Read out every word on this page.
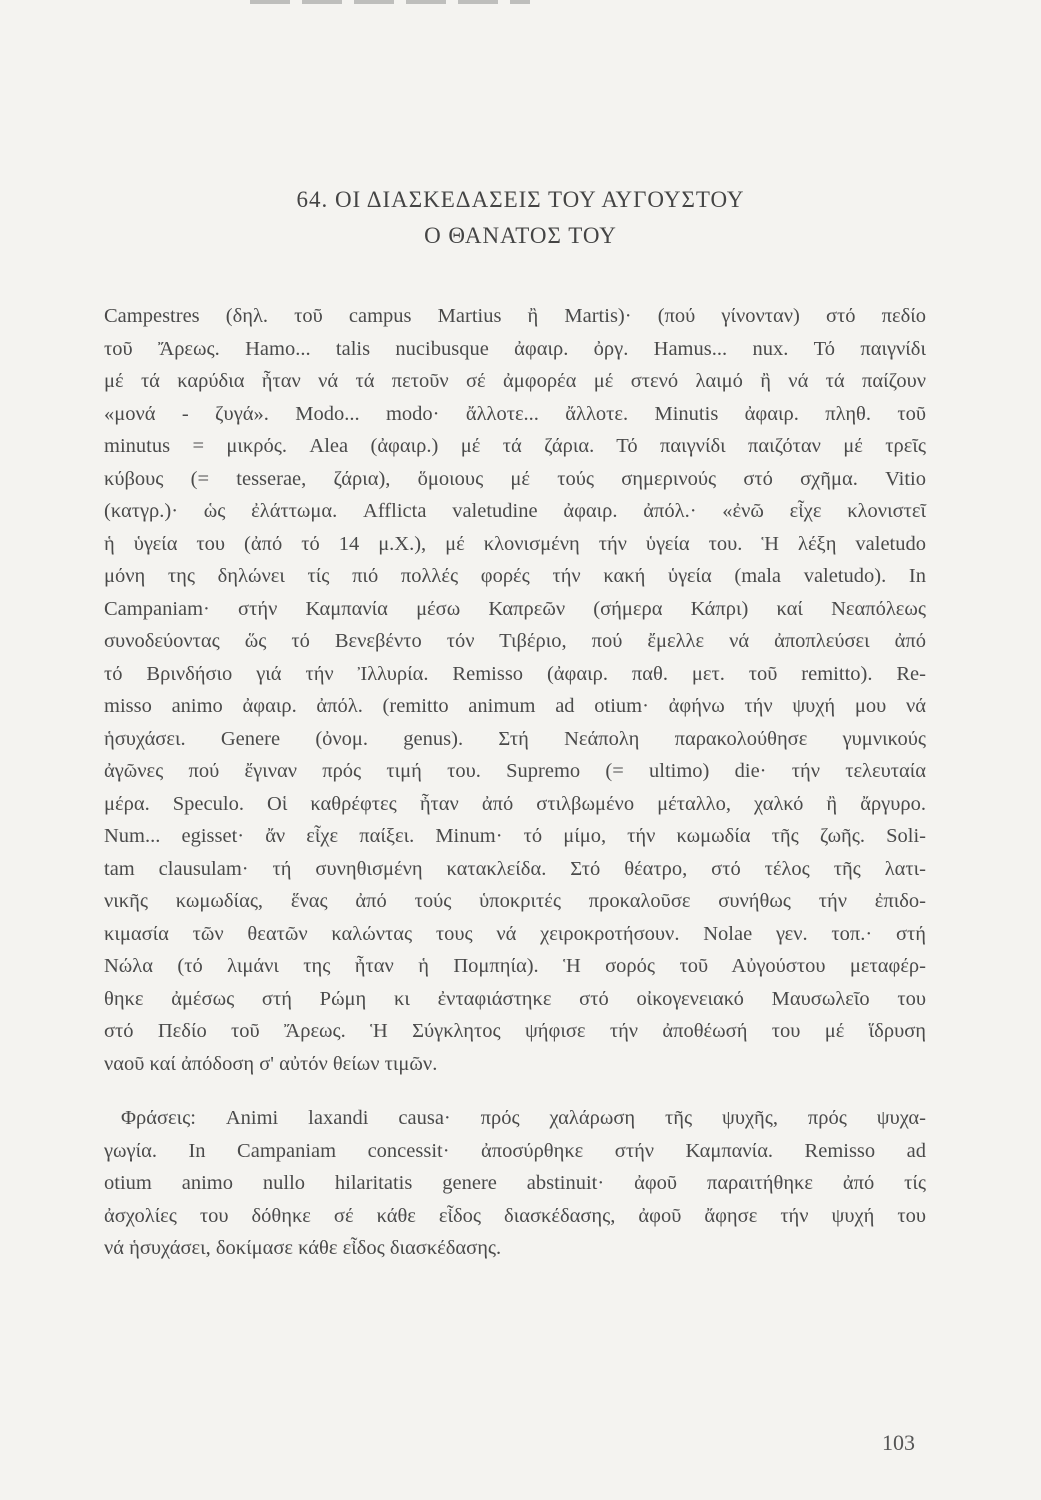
64. ΟΙ ΔΙΑΣΚΕΔΑΣΕΙΣ ΤΟΥ ΑΥΓΟΥΣΤΟΥ
Ο ΘΑΝΑΤΟΣ ΤΟΥ
Campestres (δηλ. τοῦ campus Martius ἢ Martis)· (πού γίνονταν) στό πεδίο
τοῦ Ἄρεως. Hamo... talis nucibusque ἀφαιρ. ὀργ. Hamus... nux. Τό παιγνίδι
μέ τά καρύδια ἦταν νά τά πετοῦν σέ ἀμφορέα μέ στενό λαιμό ἢ νά τά παίζουν
«μονά - ζυγά». Modo... modo· ἄλλοτε... ἄλλοτε. Minutis ἀφαιρ. πληθ. τοῦ
minutus = μικρός. Alea (ἀφαιρ.) μέ τά ζάρια. Τό παιγνίδι παιζόταν μέ τρεῖς
κύβους (= tesserae, ζάρια), ὅμοιους μέ τούς σημερινούς στό σχῆμα. Vitio
(κατγρ.)· ὡς ἐλάττωμα. Afflicta valetudine ἀφαιρ. ἀπόλ.· «ἐνῶ εἶχε κλονιστεῖ
ἡ ὑγεία του (ἀπό τό 14 μ.Χ.), μέ κλονισμένη τήν ὑγεία του. Ἡ λέξη valetudo
μόνη της δηλώνει τίς πιό πολλές φορές τήν κακή ὑγεία (mala valetudo). In
Campaniam· στήν Καμπανία μέσω Καπρεῶν (σήμερα Κάπρι) καί Νεαπόλεως
συνοδεύοντας ὥς τό Βενεβέντο τόν Τιβέριο, πού ἔμελλε νά ἀποπλεύσει ἀπό
τό Βρινδήσιο γιά τήν Ἰλλυρία. Remisso (ἀφαιρ. παθ. μετ. τοῦ remitto). Re-
misso animo ἀφαιρ. ἀπόλ. (remitto animum ad otium· ἀφήνω τήν ψυχή μου νά
ἡσυχάσει. Genere (ὀνομ. genus). Στή Νεάπολη παρακολούθησε γυμνικούς
ἀγῶνες πού ἔγιναν πρός τιμή του. Supremo (= ultimo) die· τήν τελευταία
μέρα. Speculo. Οἱ καθρέφτες ἦταν ἀπό στιλβωμένο μέταλλο, χαλκό ἢ ἄργυρο.
Num... egisset· ἄν εἶχε παίξει. Minum· τό μίμο, τήν κωμωδία τῆς ζωῆς. Soli-
tam clausulam· τή συνηθισμένη κατακλείδα. Στό θέατρο, στό τέλος τῆς λατι-
νικῆς κωμωδίας, ἕνας ἀπό τούς ὑποκριτές προκαλοῦσε συνήθως τήν ἐπιδο-
κιμασία τῶν θεατῶν καλώντας τους νά χειροκροτήσουν. Nolae γεν. τοπ.· στή
Νώλα (τό λιμάνι της ἦταν ἡ Πομπηία). Ἡ σορός τοῦ Αὐγούστου μεταφέρ-
θηκε ἀμέσως στή Ρώμη κι ἐνταφιάστηκε στό οἰκογενειακό Μαυσωλεῖο του
στό Πεδίο τοῦ Ἄρεως. Ἡ Σύγκλητος ψήφισε τήν ἀποθέωσή του μέ ἵδρυση
ναοῦ καί ἀπόδοση σ' αὐτόν θείων τιμῶν.
Φράσεις: Animi laxandi causa· πρός χαλάρωση τῆς ψυχῆς, πρός ψυχα-
γωγία. In Campaniam concessit· ἀποσύρθηκε στήν Καμπανία. Remisso ad
otium animo nullo hilaritatis genere abstinuit· ἀφοῦ παραιτήθηκε ἀπό τίς
ἀσχολίες του δόθηκε σέ κάθε εἶδος διασκέδασης, ἀφοῦ ἄφησε τήν ψυχή του
νά ἡσυχάσει, δοκίμασε κάθε εἶδος διασκέδασης.
103
